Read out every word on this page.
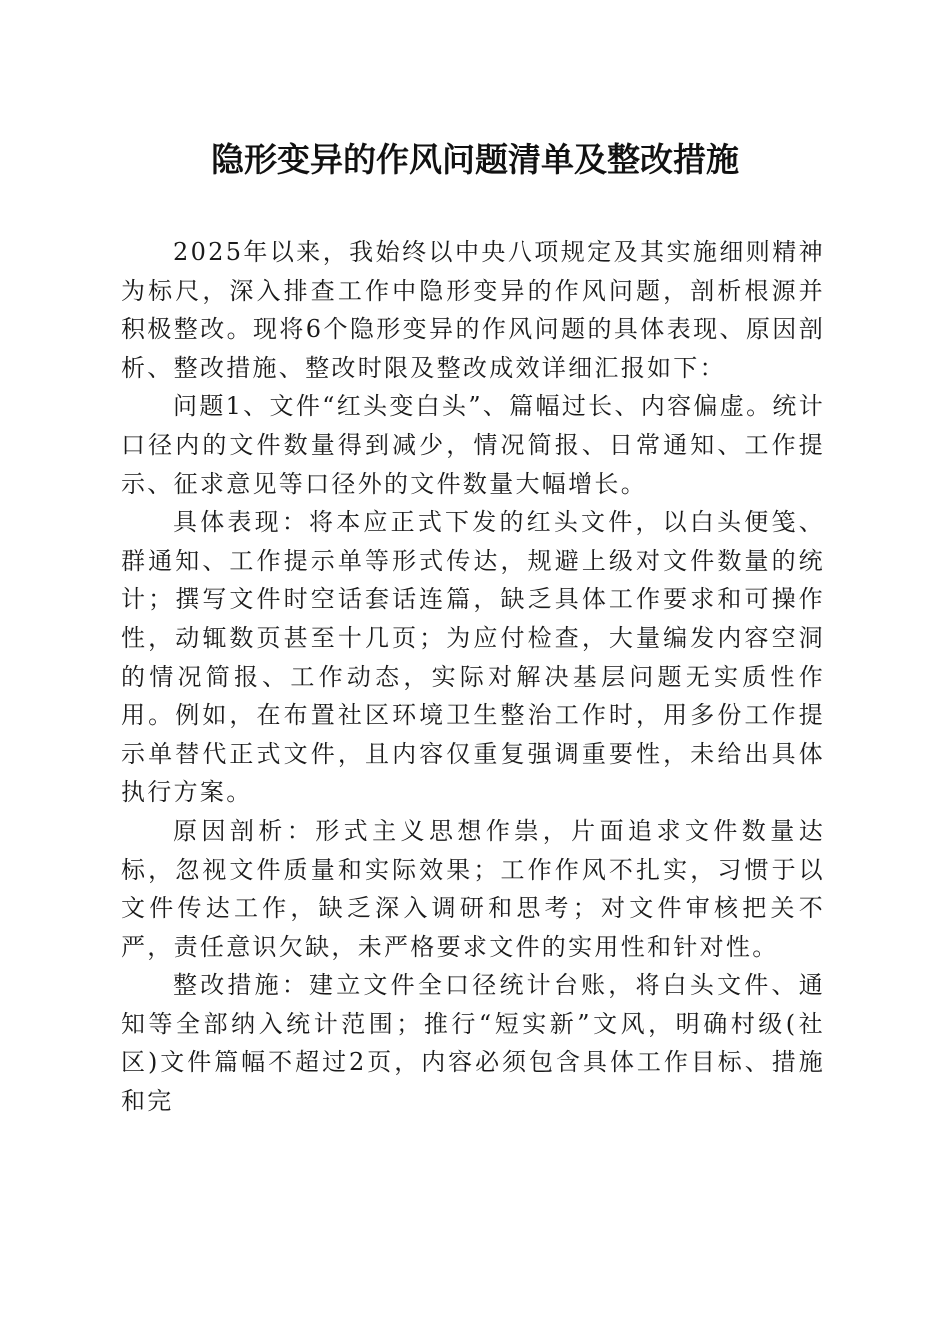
隐形变异的作风问题清单及整改措施

2025年以来，我始终以中央八项规定及其实施细则精神为标尺，深入排查工作中隐形变异的作风问题，剖析根源并积极整改。现将6个隐形变异的作风问题的具体表现、原因剖析、整改措施、整改时限及整改成效详细汇报如下：

问题1、文件“红头变白头”、篇幅过长、内容偏虚。统计口径内的文件数量得到减少，情况简报、日常通知、工作提示、征求意见等口径外的文件数量大幅增长。

具体表现：将本应正式下发的红头文件，以白头便笺、群通知、工作提示单等形式传达，规避上级对文件数量的统计；撰写文件时空话套话连篇，缺乏具体工作要求和可操作性，动辄数页甚至十几页；为应付检查，大量编发内容空洞的情况简报、工作动态，实际对解决基层问题无实质性作用。例如，在布置社区环境卫生整治工作时，用多份工作提示单替代正式文件，且内容仅重复强调重要性，未给出具体执行方案。

原因剖析：形式主义思想作祟，片面追求文件数量达标，忽视文件质量和实际效果；工作作风不扎实，习惯于以文件传达工作，缺乏深入调研和思考；对文件审核把关不严，责任意识欠缺，未严格要求文件的实用性和针对性。

整改措施：建立文件全口径统计台账，将白头文件、通知等全部纳入统计范围；推行“短实新”文风，明确村级(社区)文件篇幅不超过2页，内容必须包含具体工作目标、措施和完
